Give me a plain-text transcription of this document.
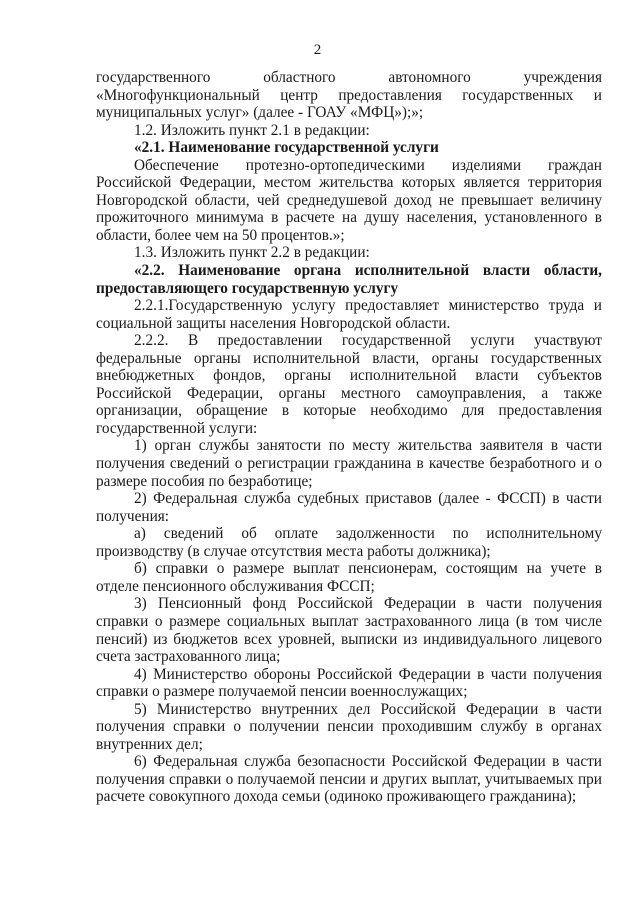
2

государственного областного автономного учреждения «Многофункциональный центр предоставления государственных и муниципальных услуг» (далее - ГОАУ «МФЦ»);»;

1.2. Изложить пункт 2.1 в редакции:

«2.1. Наименование государственной услуги

Обеспечение протезно-ортопедическими изделиями граждан Российской Федерации, местом жительства которых является территория Новгородской области, чей среднедушевой доход не превышает величину прожиточного минимума в расчете на душу населения, установленного в области, более чем на 50 процентов.»;

1.3. Изложить пункт 2.2 в редакции:

«2.2. Наименование органа исполнительной власти области, предоставляющего государственную услугу

2.2.1.Государственную услугу предоставляет министерство труда и социальной защиты населения Новгородской области.

2.2.2. В предоставлении государственной услуги участвуют федеральные органы исполнительной власти, органы государственных внебюджетных фондов, органы исполнительной власти субъектов Российской Федерации, органы местного самоуправления, а также организации, обращение в которые необходимо для предоставления государственной услуги:

1) орган службы занятости по месту жительства заявителя в части получения сведений о регистрации гражданина в качестве безработного и о размере пособия по безработице;

2) Федеральная служба судебных приставов (далее - ФССП) в части получения:

а) сведений об оплате задолженности по исполнительному производству (в случае отсутствия места работы должника);

б) справки о размере выплат пенсионерам, состоящим на учете в отделе пенсионного обслуживания ФССП;

3) Пенсионный фонд Российской Федерации в части получения справки о размере социальных выплат застрахованного лица (в том числе пенсий) из бюджетов всех уровней, выписки из индивидуального лицевого счета застрахованного лица;

4) Министерство обороны Российской Федерации в части получения справки о размере получаемой пенсии военнослужащих;

5) Министерство внутренних дел Российской Федерации в части получения справки о получении пенсии проходившим службу в органах внутренних дел;

6) Федеральная служба безопасности Российской Федерации в части получения справки о получаемой пенсии и других выплат, учитываемых при расчете совокупного дохода семьи (одиноко проживающего гражданина);
